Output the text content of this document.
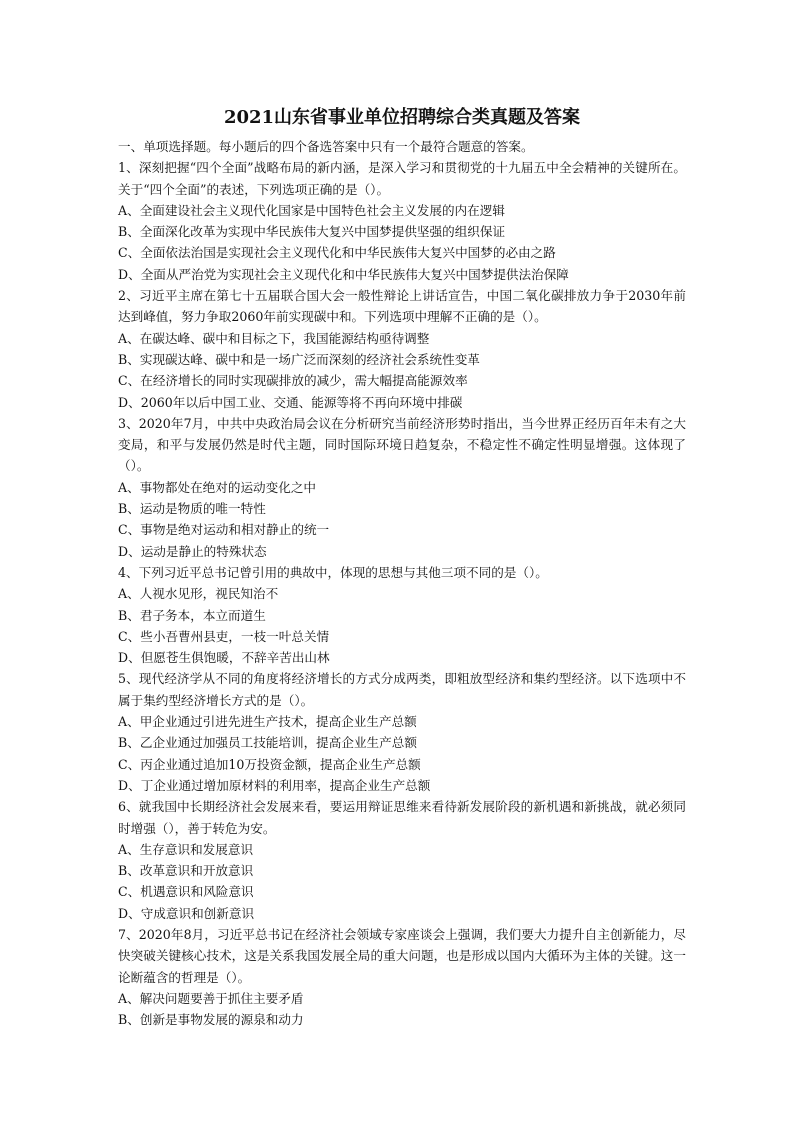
2021山东省事业单位招聘综合类真题及答案

一、单项选择题。每小题后的四个备选答案中只有一个最符合题意的答案。

1、深刻把握“四个全面”战略布局的新内涵，是深入学习和贯彻党的十九届五中全会精神的关键所在。关于“四个全面”的表述，下列选项正确的是（）。

A、全面建设社会主义现代化国家是中国特色社会主义发展的内在逻辑

B、全面深化改革为实现中华民族伟大复兴中国梦提供坚强的组织保证

C、全面依法治国是实现社会主义现代化和中华民族伟大复兴中国梦的必由之路

D、全面从严治党为实现社会主义现代化和中华民族伟大复兴中国梦提供法治保障

2、习近平主席在第七十五届联合国大会一般性辩论上讲话宣告，中国二氧化碳排放力争于2030年前达到峰值，努力争取2060年前实现碳中和。下列选项中理解不正确的是（）。

A、在碳达峰、碳中和目标之下，我国能源结构亟待调整

B、实现碳达峰、碳中和是一场广泛而深刻的经济社会系统性变革

C、在经济增长的同时实现碳排放的减少，需大幅提高能源效率

D、2060年以后中国工业、交通、能源等将不再向环境中排碳

3、2020年7月，中共中央政治局会议在分析研究当前经济形势时指出，当今世界正经历百年未有之大变局，和平与发展仍然是时代主题，同时国际环境日趋复杂，不稳定性不确定性明显增强。这体现了（）。

A、事物都处在绝对的运动变化之中

B、运动是物质的唯一特性

C、事物是绝对运动和相对静止的统一

D、运动是静止的特殊状态

4、下列习近平总书记曾引用的典故中，体现的思想与其他三项不同的是（）。

A、人视水见形，视民知治不

B、君子务本，本立而道生

C、些小吾曹州县吏，一枝一叶总关情

D、但愿苍生俱饱暖，不辞辛苦出山林

5、现代经济学从不同的角度将经济增长的方式分成两类，即粗放型经济和集约型经济。以下选项中不属于集约型经济增长方式的是（）。

A、甲企业通过引进先进生产技术，提高企业生产总额

B、乙企业通过加强员工技能培训，提高企业生产总额

C、丙企业通过追加10万投资金额，提高企业生产总额

D、丁企业通过增加原材料的利用率，提高企业生产总额

6、就我国中长期经济社会发展来看，要运用辩证思维来看待新发展阶段的新机遇和新挑战，就必须同时增强（），善于转危为安。

A、生存意识和发展意识

B、改革意识和开放意识

C、机遇意识和风险意识

D、守成意识和创新意识

7、2020年8月，习近平总书记在经济社会领域专家座谈会上强调，我们要大力提升自主创新能力，尽快突破关键核心技术，这是关系我国发展全局的重大问题，也是形成以国内大循环为主体的关键。这一论断蕴含的哲理是（）。

A、解决问题要善于抓住主要矛盾

B、创新是事物发展的源泉和动力
